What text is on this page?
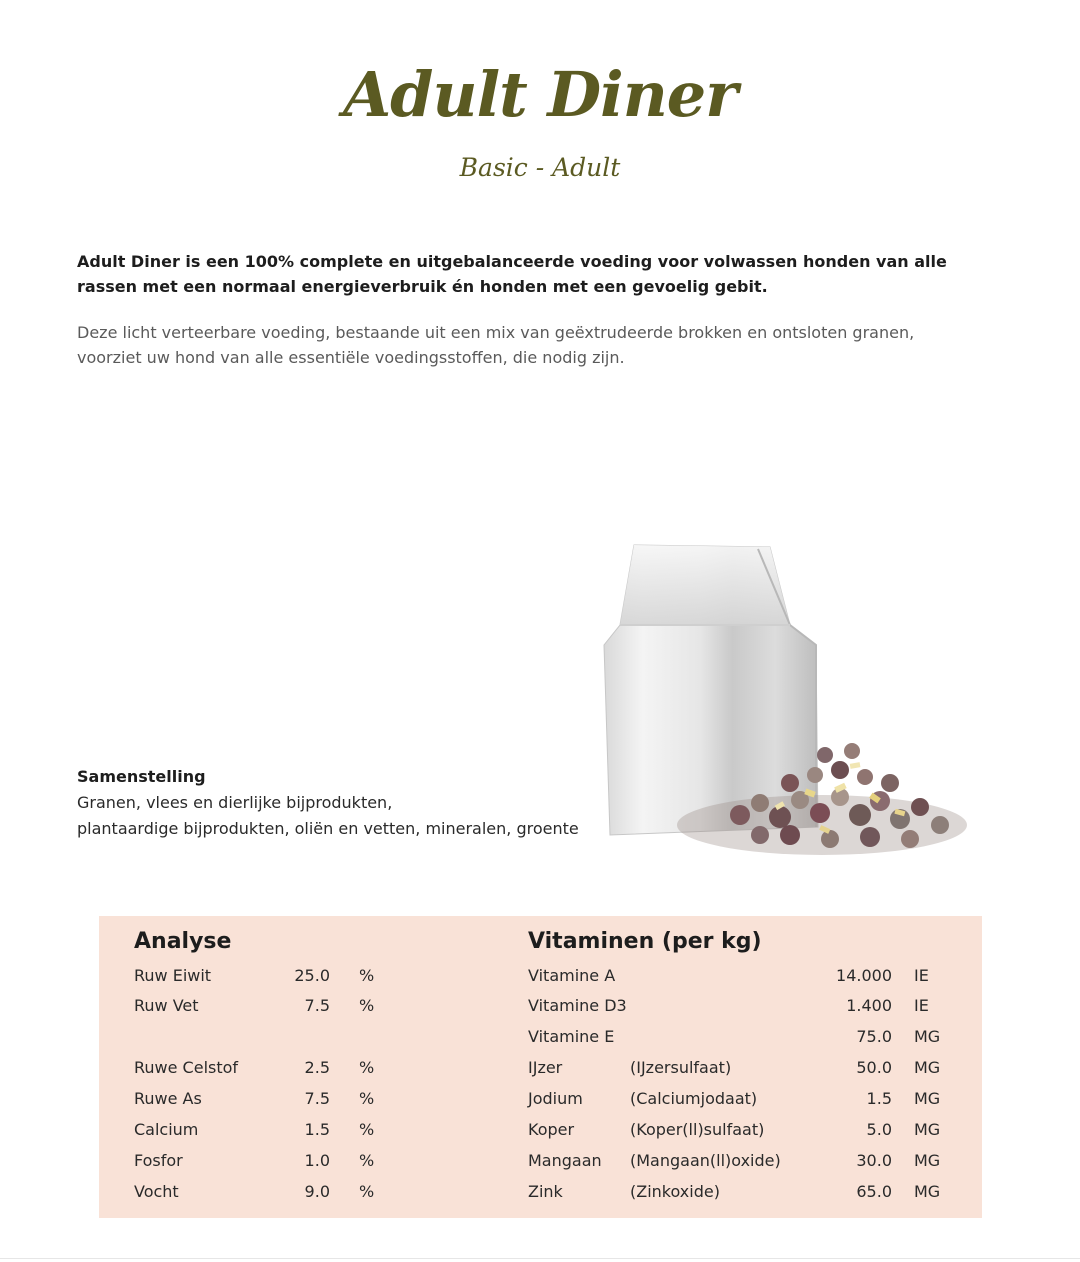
Adult Diner
Basic - Adult
Adult Diner is een 100% complete en uitgebalanceerde voeding voor volwassen honden van alle rassen met een normaal energieverbruik én honden met een gevoelig gebit.
Deze licht verteerbare voeding, bestaande uit een mix van geëxtrudeerde brokken en ontsloten granen, voorziet uw hond van alle essentiële voedingsstoffen, die nodig zijn.
Samenstelling
Granen, vlees en dierlijke bijprodukten,
plantaardige bijprodukten, oliën en vetten, mineralen, groente
Analyse	Vitaminen (per kg)
Ruw Eiwit	25.0 %
Ruw Vet	7.5 %
Ruwe Celstof	2.5 %
Ruwe As	7.5 %
Calcium	1.5 %
Fosfor	1.0 %
Vocht	9.0 %
Vitamine A	14.000 IE
Vitamine D3	1.400 IE
Vitamine E	75.0 MG
IJzer	(IJzersulfaat)	50.0 MG
Jodium	(Calciumjodaat)	1.5 MG
Koper	(Koper(ll)sulfaat)	5.0 MG
Mangaan (Mangaan(ll)oxide)	30.0 MG
Zink	(Zinkoxide)	65.0 MG
